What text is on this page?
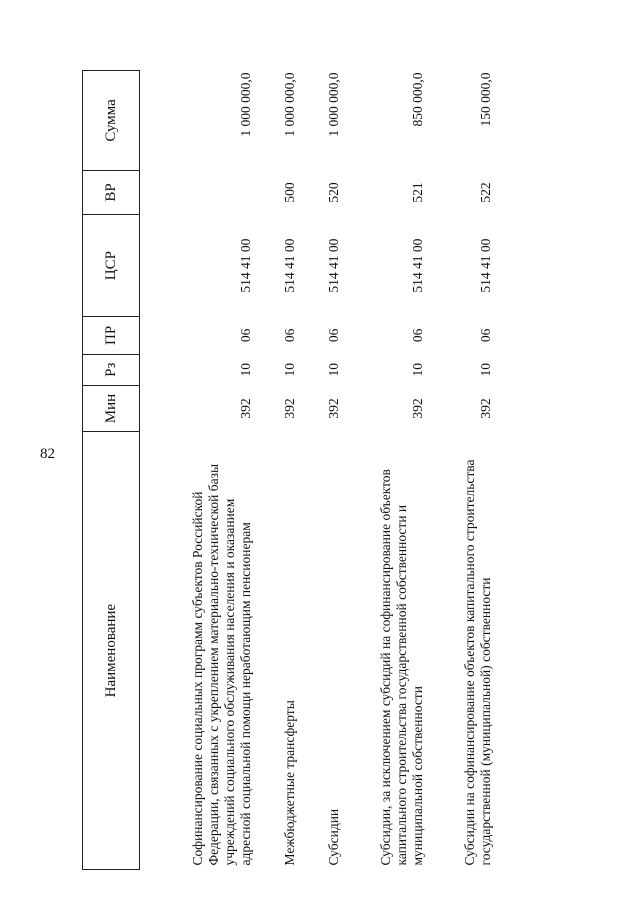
82
Наименование	Мин	Рз	ПР	ЦСР	ВР	Сумма
Софинансирование социальных программ субъектов Российской Федерации, связанных с укреплением материально-технической базы учреждений социального обслуживания населения и оказанием адресной социальной помощи неработающим пенсионерам	392	10	06	514 41 00		1 000 000,0
Межбюджетные трансферты	392	10	06	514 41 00	500	1 000 000,0
Субсидии	392	10	06	514 41 00	520	1 000 000,0
Субсидии, за исключением субсидий на софинансирование объектов капитального строительства государственной собственности и муниципальной собственности	392	10	06	514 41 00	521	850 000,0
Субсидии на софинансирование объектов капитального строительства государственной (муниципальной) собственности	392	10	06	514 41 00	522	150 000,0
